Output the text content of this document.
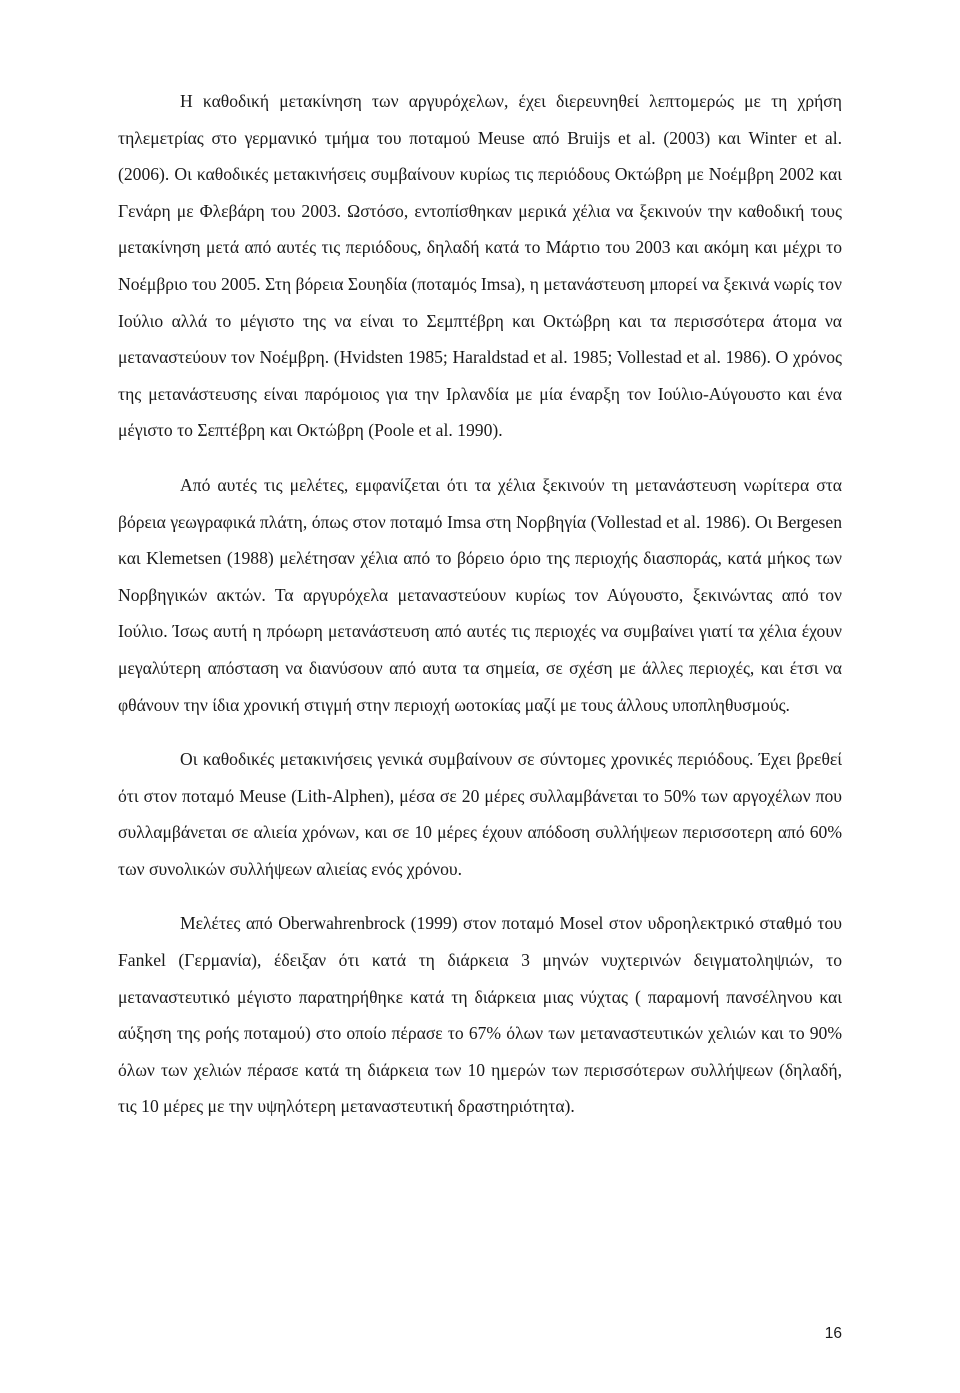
Η καθοδική μετακίνηση των αργυρόχελων, έχει διερευνηθεί λεπτομερώς με τη χρήση τηλεμετρίας στο γερμανικό τμήμα του ποταμού Meuse από Bruijs et al. (2003) και Winter et al. (2006). Οι καθοδικές μετακινήσεις συμβαίνουν κυρίως τις περιόδους Οκτώβρη με Νοέμβρη 2002 και Γενάρη με Φλεβάρη του 2003. Ωστόσο, εντοπίσθηκαν μερικά χέλια να ξεκινούν την καθοδική τους μετακίνηση μετά από αυτές τις περιόδους, δηλαδή κατά το Μάρτιο του 2003 και ακόμη και μέχρι το Νοέμβριο του 2005. Στη βόρεια Σουηδία (ποταμός Imsa), η μετανάστευση μπορεί να ξεκινά νωρίς τον Ιούλιο αλλά το μέγιστο της να είναι το Σεμπτέβρη και Οκτώβρη και τα περισσότερα άτομα να μεταναστεύουν τον Νοέμβρη. (Hvidsten 1985; Haraldstad et al. 1985; Vollestad et al. 1986). Ο χρόνος της μετανάστευσης είναι παρόμοιος για την Ιρλανδία με μία έναρξη τον Ιούλιο-Αύγουστο και ένα μέγιστο το Σεπτέβρη και Οκτώβρη (Poole et al. 1990).

Από αυτές τις μελέτες, εμφανίζεται ότι τα χέλια ξεκινούν τη μετανάστευση νωρίτερα στα βόρεια γεωγραφικά πλάτη, όπως στον ποταμό Imsa στη Νορβηγία (Vollestad et al. 1986). Οι Bergesen και Klemetsen (1988) μελέτησαν χέλια από το βόρειο όριο της περιοχής διασποράς, κατά μήκος των Νορβηγικών ακτών. Τα αργυρόχελα μεταναστεύουν κυρίως τον Αύγουστο, ξεκινώντας από τον Ιούλιο. Ίσως αυτή η πρόωρη μετανάστευση από αυτές τις περιοχές να συμβαίνει γιατί τα χέλια έχουν μεγαλύτερη απόσταση να διανύσουν από αυτα τα σημεία, σε σχέση με άλλες περιοχές, και έτσι να φθάνουν την ίδια χρονική στιγμή στην περιοχή ωοτοκίας μαζί με τους άλλους υποπληθυσμούς.

Οι καθοδικές μετακινήσεις γενικά συμβαίνουν σε σύντομες χρονικές περιόδους. Έχει βρεθεί ότι στον ποταμό Meuse (Lith-Alphen), μέσα σε 20 μέρες συλλαμβάνεται το 50% των αργοχέλων που συλλαμβάνεται σε αλιεία χρόνων, και σε 10 μέρες έχουν απόδοση συλλήψεων περισσοτερη από 60% των συνολικών συλλήψεων αλιείας ενός χρόνου.

Μελέτες από Oberwahrenbrock (1999) στον ποταμό Mosel στον υδροηλεκτρικό σταθμό του Fankel (Γερμανία), έδειξαν ότι κατά τη διάρκεια 3 μηνών νυχτερινών δειγματοληψιών, το μεταναστευτικό μέγιστο παρατηρήθηκε κατά τη διάρκεια μιας νύχτας ( παραμονή πανσέληνου και αύξηση της ροής ποταμού) στο οποίο πέρασε το 67% όλων των μεταναστευτικών χελιών και το 90% όλων των χελιών πέρασε κατά τη διάρκεια των 10 ημερών των περισσότερων συλλήψεων (δηλαδή, τις 10 μέρες με την υψηλότερη μεταναστευτική δραστηριότητα).

16
